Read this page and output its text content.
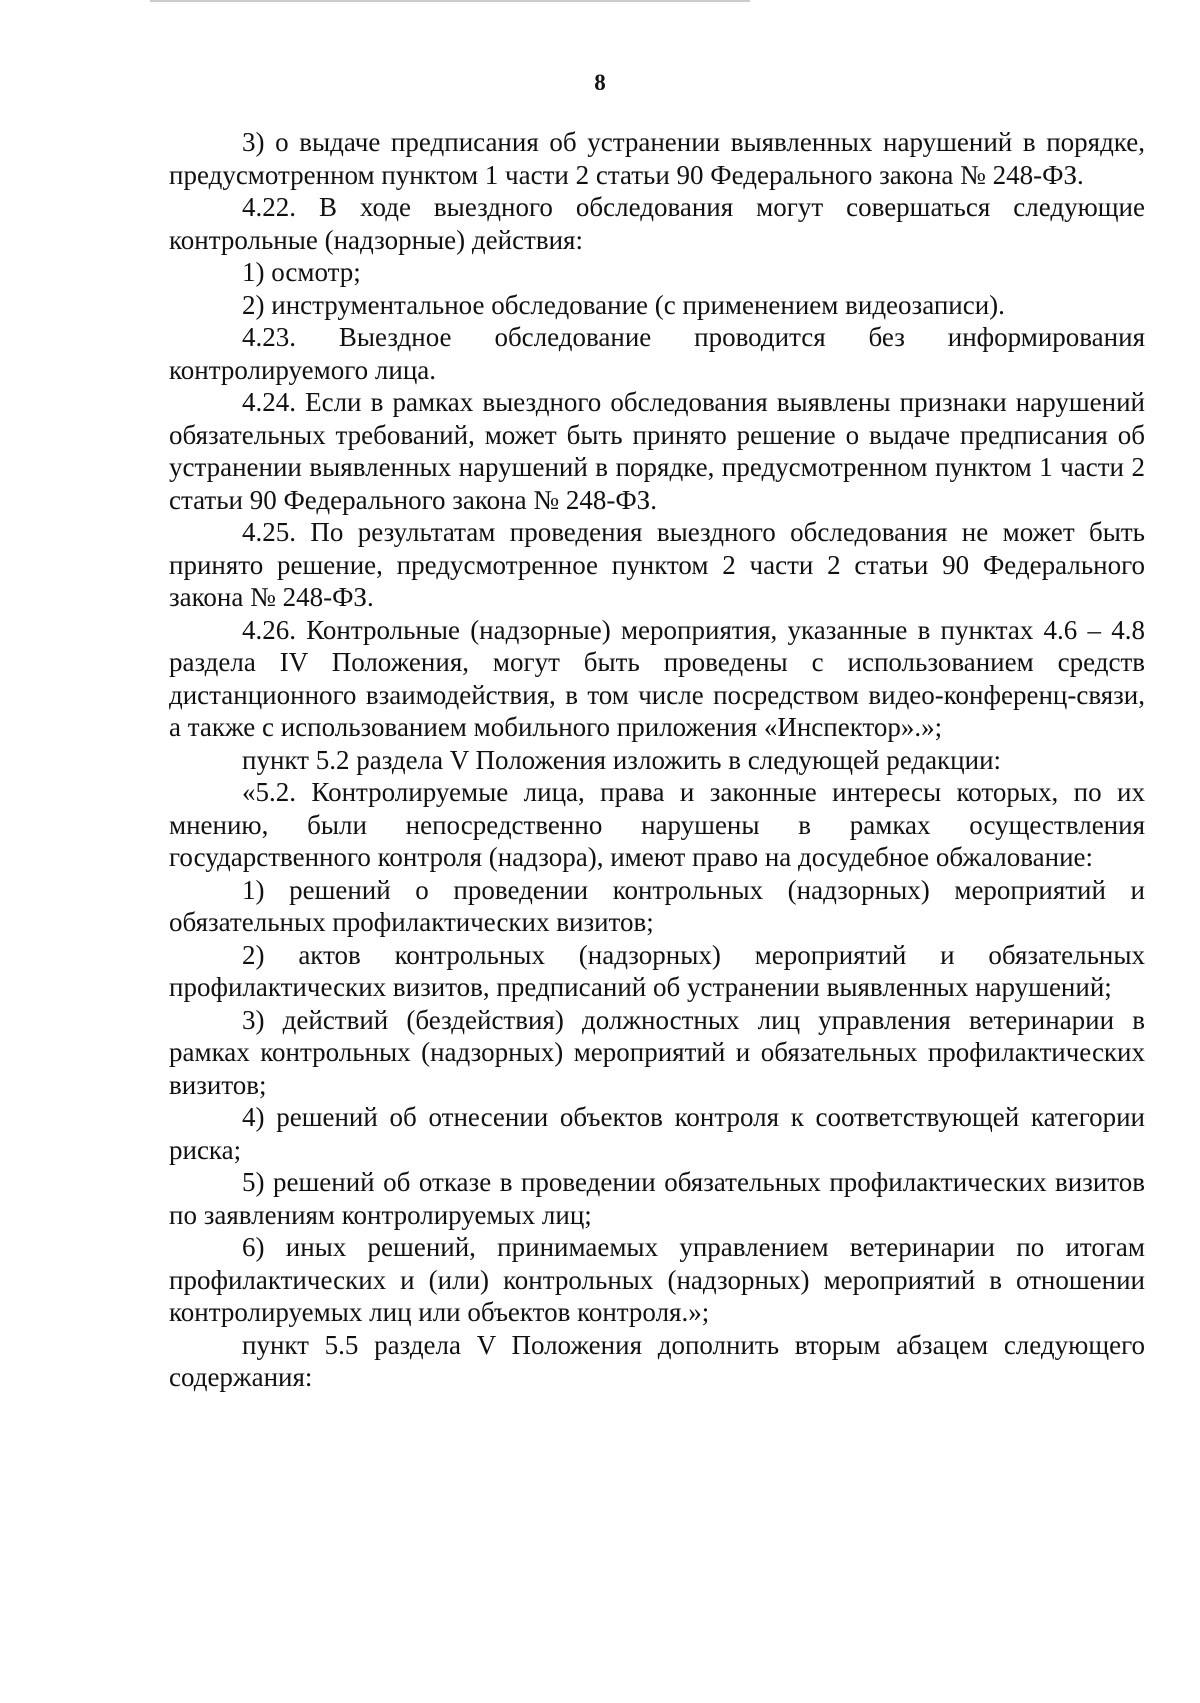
8

3) о выдаче предписания об устранении выявленных нарушений в порядке, предусмотренном пунктом 1 части 2 статьи 90 Федерального закона № 248-ФЗ.

4.22. В ходе выездного обследования могут совершаться следующие контрольные (надзорные) действия:

1) осмотр;

2) инструментальное обследование (с применением видеозаписи).

4.23. Выездное обследование проводится без информирования контролируемого лица.

4.24. Если в рамках выездного обследования выявлены признаки нарушений обязательных требований, может быть принято решение о выдаче предписания об устранении выявленных нарушений в порядке, предусмотренном пунктом 1 части 2 статьи 90 Федерального закона № 248-ФЗ.

4.25. По результатам проведения выездного обследования не может быть принято решение, предусмотренное пунктом 2 части 2 статьи 90 Федерального закона № 248-ФЗ.

4.26. Контрольные (надзорные) мероприятия, указанные в пунктах 4.6 – 4.8 раздела IV Положения, могут быть проведены с использованием средств дистанционного взаимодействия, в том числе посредством видео-конференц-связи, а также с использованием мобильного приложения «Инспектор».»;

пункт 5.2 раздела V Положения изложить в следующей редакции:

«5.2. Контролируемые лица, права и законные интересы которых, по их мнению, были непосредственно нарушены в рамках осуществления государственного контроля (надзора), имеют право на досудебное обжалование:

1) решений о проведении контрольных (надзорных) мероприятий и обязательных профилактических визитов;

2) актов контрольных (надзорных) мероприятий и обязательных профилактических визитов, предписаний об устранении выявленных нарушений;

3) действий (бездействия) должностных лиц управления ветеринарии в рамках контрольных (надзорных) мероприятий и обязательных профилактических визитов;

4) решений об отнесении объектов контроля к соответствующей категории риска;

5) решений об отказе в проведении обязательных профилактических визитов по заявлениям контролируемых лиц;

6) иных решений, принимаемых управлением ветеринарии по итогам профилактических и (или) контрольных (надзорных) мероприятий в отношении контролируемых лиц или объектов контроля.»;

пункт 5.5 раздела V Положения дополнить вторым абзацем следующего содержания:
